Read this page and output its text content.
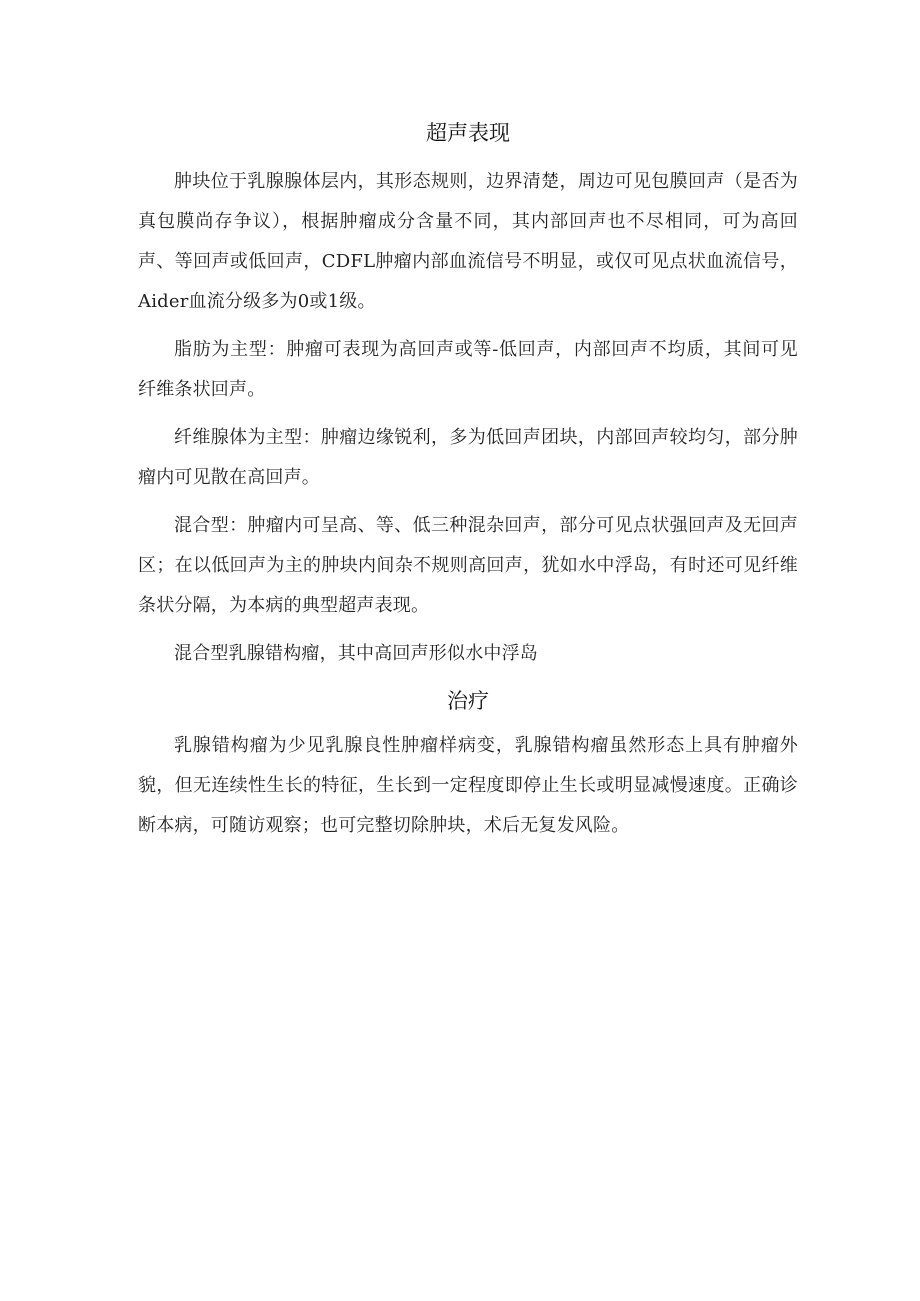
超声表现

肿块位于乳腺腺体层内，其形态规则，边界清楚，周边可见包膜回声（是否为真包膜尚存争议），根据肿瘤成分含量不同，其内部回声也不尽相同，可为高回声、等回声或低回声，CDFL肿瘤内部血流信号不明显，或仅可见点状血流信号，Aider血流分级多为0或1级。

脂肪为主型：肿瘤可表现为高回声或等-低回声，内部回声不均质，其间可见纤维条状回声。

纤维腺体为主型：肿瘤边缘锐利，多为低回声团块，内部回声较均匀，部分肿瘤内可见散在高回声。

混合型：肿瘤内可呈高、等、低三种混杂回声，部分可见点状强回声及无回声区；在以低回声为主的肿块内间杂不规则高回声，犹如水中浮岛，有时还可见纤维条状分隔，为本病的典型超声表现。

混合型乳腺错构瘤，其中高回声形似水中浮岛

治疗

乳腺错构瘤为少见乳腺良性肿瘤样病变，乳腺错构瘤虽然形态上具有肿瘤外貌，但无连续性生长的特征，生长到一定程度即停止生长或明显减慢速度。正确诊断本病，可随访观察；也可完整切除肿块，术后无复发风险。
